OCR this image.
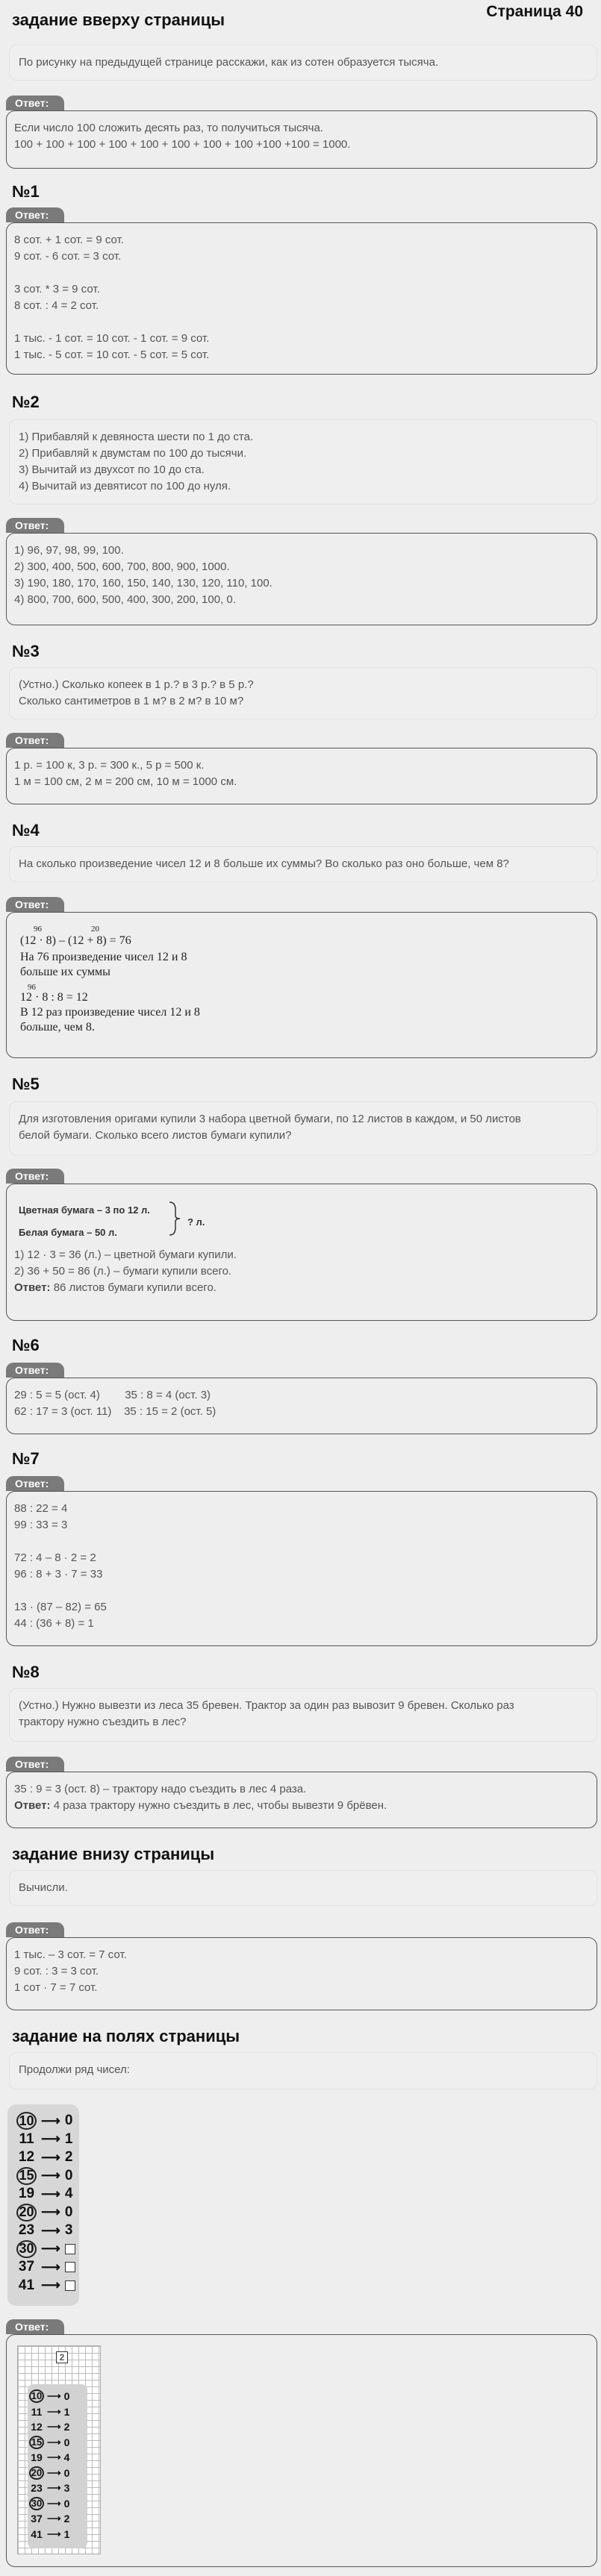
Страница 40
задание вверху страницы
По рисунку на предыдущей странице расскажи, как из сотен образуется тысяча.
Ответ:
Если число 100 сложить десять раз, то получиться тысяча.
100 + 100 + 100 + 100 + 100 + 100 + 100 + 100 +100 +100 = 1000.
№1
Ответ:
8 сот. + 1 сот. = 9 сот.
9 сот. - 6 сот. = 3 сот.
3 сот. * 3 = 9 сот.
8 сот. : 4 = 2 сот.
1 тыс. - 1 сот. = 10 сот. - 1 сот. = 9 сот.
1 тыс. - 5 сот. = 10 сот. - 5 сот. = 5 сот.
№2
1) Прибавляй к девяноста шести по 1 до ста.
2) Прибавляй к двумстам по 100 до тысячи.
3) Вычитай из двухсот по 10 до ста.
4) Вычитай из девятисот по 100 до нуля.
Ответ:
1) 96, 97, 98, 99, 100.
2) 300, 400, 500, 600, 700, 800, 900, 1000.
3) 190, 180, 170, 160, 150, 140, 130, 120, 110, 100.
4) 800, 700, 600, 500, 400, 300, 200, 100, 0.
№3
(Устно.) Сколько копеек в 1 р.? в 3 р.? в 5 р.?
Сколько сантиметров в 1 м? в 2 м? в 10 м?
Ответ:
1 р. = 100 к, 3 р. = 300 к., 5 р = 500 к.
1 м = 100 см, 2 м = 200 см, 10 м = 1000 см.
№4
На сколько произведение чисел 12 и 8 больше их суммы? Во сколько раз оно больше, чем 8?
Ответ:
96	20
(12 · 8) – (12 + 8) = 76
На 76 произведение чисел 12 и 8
больше их суммы
96
12 · 8 : 8 = 12
В 12 раз произведение чисел 12 и 8
больше, чем 8.
№5
Для изготовления оригами купили 3 набора цветной бумаги, по 12 листов в каждом, и 50 листов
белой бумаги. Сколько всего листов бумаги купили?
Ответ:
Цветная бумага – 3 по 12 л.
Белая бумага – 50 л.
? л.
1) 12 · 3 = 36 (л.) – цветной бумаги купили.
2) 36 + 50 = 86 (л.) – бумаги купили всего.
Ответ: 86 листов бумаги купили всего.
№6
Ответ:
29 : 5 = 5 (ост. 4)        35 : 8 = 4 (ост. 3)
62 : 17 = 3 (ост. 11)    35 : 15 = 2 (ост. 5)
№7
Ответ:
88 : 22 = 4
99 : 33 = 3
72 : 4 – 8 · 2 = 2
96 : 8 + 3 · 7 = 33
13 · (87 – 82) = 65
44 : (36 + 8) = 1
№8
(Устно.) Нужно вывезти из леса 35 бревен. Трактор за один раз вывозит 9 бревен. Сколько раз
трактору нужно съездить в лес?
Ответ:
35 : 9 = 3 (ост. 8) – трактору надо съездить в лес 4 раза.
Ответ: 4 раза трактору нужно съездить в лес, чтобы вывезти 9 брёвен.
задание внизу страницы
Вычисли.
Ответ:
1 тыс. – 3 сот. = 7 сот.
9 сот. : 3 = 3 сот.
1 сот · 7 = 7 сот.
задание на полях страницы
Продолжи ряд чисел:
10 ⟶ 0
11 ⟶ 1
12 ⟶ 2
15 ⟶ 0
19 ⟶ 4
20 ⟶ 0
23 ⟶ 3
30 ⟶
37 ⟶
41 ⟶
Ответ:
2
10 ⟶ 0
11 ⟶ 1
12 ⟶ 2
15 ⟶ 0
19 ⟶ 4
20 ⟶ 0
23 ⟶ 3
30 ⟶ 0
37 ⟶ 2
41 ⟶ 1
